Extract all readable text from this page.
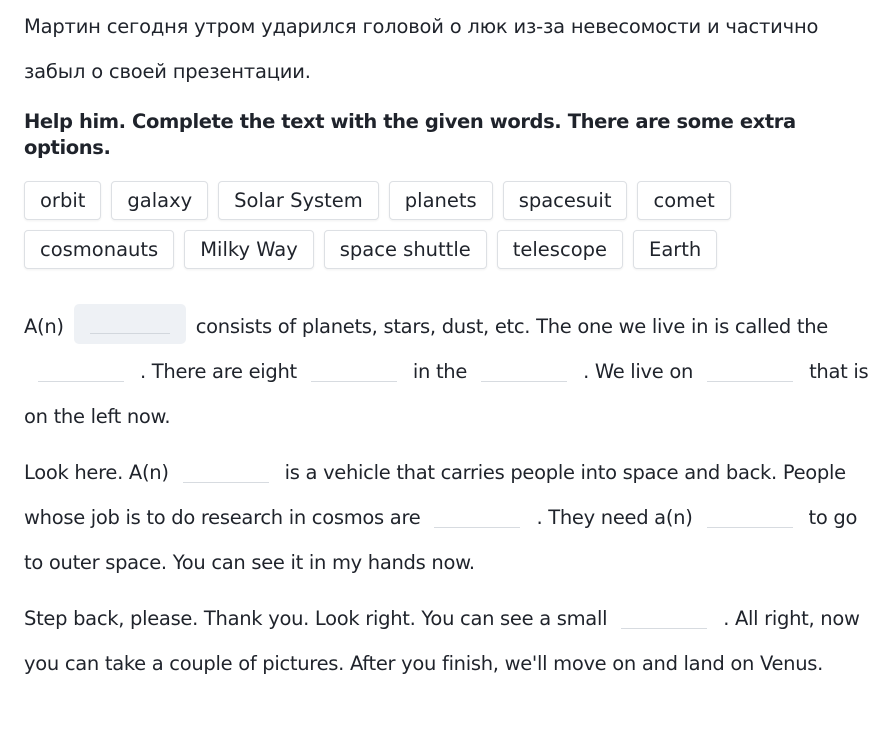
Мартин сегодня утром ударился головой о люк из-за невесомости и частично забыл о своей презентации.
Help him. Complete the text with the given words. There are some extra options.
orbit	galaxy	Solar System	planets	spacesuit	comet
cosmonauts	Milky Way	space shuttle	telescope	Earth
A(n)	consists of planets, stars, dust, etc. The one we live in is called the. There are eight	in the	. We live on	that is on the left now.
Look here. A(n)	is a vehicle that carries people into space and back. People whose job is to do research in cosmos are	. They need a(n)	to go to outer space. You can see it in my hands now.
Step back, please. Thank you. Look right. You can see a small	. All right, now you can take a couple of pictures. After you finish, we'll move on and land on Venus.
